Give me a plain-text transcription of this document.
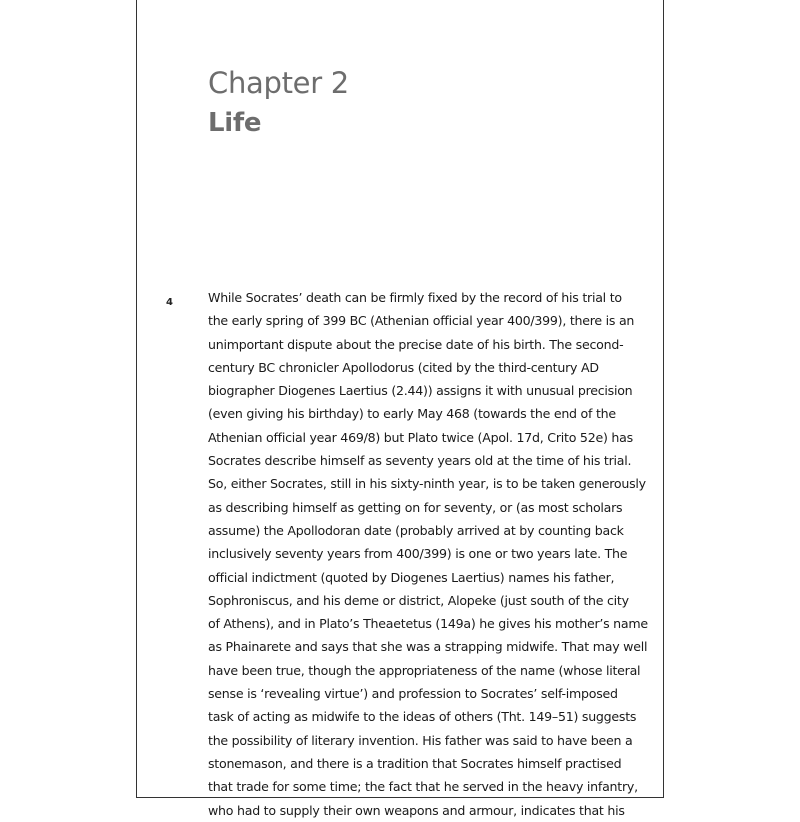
Chapter 2
Life
4	While Socrates’ death can be firmly fixed by the record of his trial to
the early spring of 399 BC (Athenian official year 400/399), there is an
unimportant dispute about the precise date of his birth. The second-
century BC chronicler Apollodorus (cited by the third-century AD
biographer Diogenes Laertius (2.44)) assigns it with unusual precision
(even giving his birthday) to early May 468 (towards the end of the
Athenian official year 469/8) but Plato twice (Apol. 17d, Crito 52e) has
Socrates describe himself as seventy years old at the time of his trial.
So, either Socrates, still in his sixty-ninth year, is to be taken generously
as describing himself as getting on for seventy, or (as most scholars
assume) the Apollodoran date (probably arrived at by counting back
inclusively seventy years from 400/399) is one or two years late. The
official indictment (quoted by Diogenes Laertius) names his father,
Sophroniscus, and his deme or district, Alopeke (just south of the city
of Athens), and in Plato’s Theaetetus (149a) he gives his mother’s name
as Phainarete and says that she was a strapping midwife. That may well
have been true, though the appropriateness of the name (whose literal
sense is ‘revealing virtue’) and profession to Socrates’ self-imposed
task of acting as midwife to the ideas of others (Tht. 149–51) suggests
the possibility of literary invention. His father was said to have been a
stonemason, and there is a tradition that Socrates himself practised
that trade for some time; the fact that he served in the heavy infantry,
who had to supply their own weapons and armour, indicates that his
